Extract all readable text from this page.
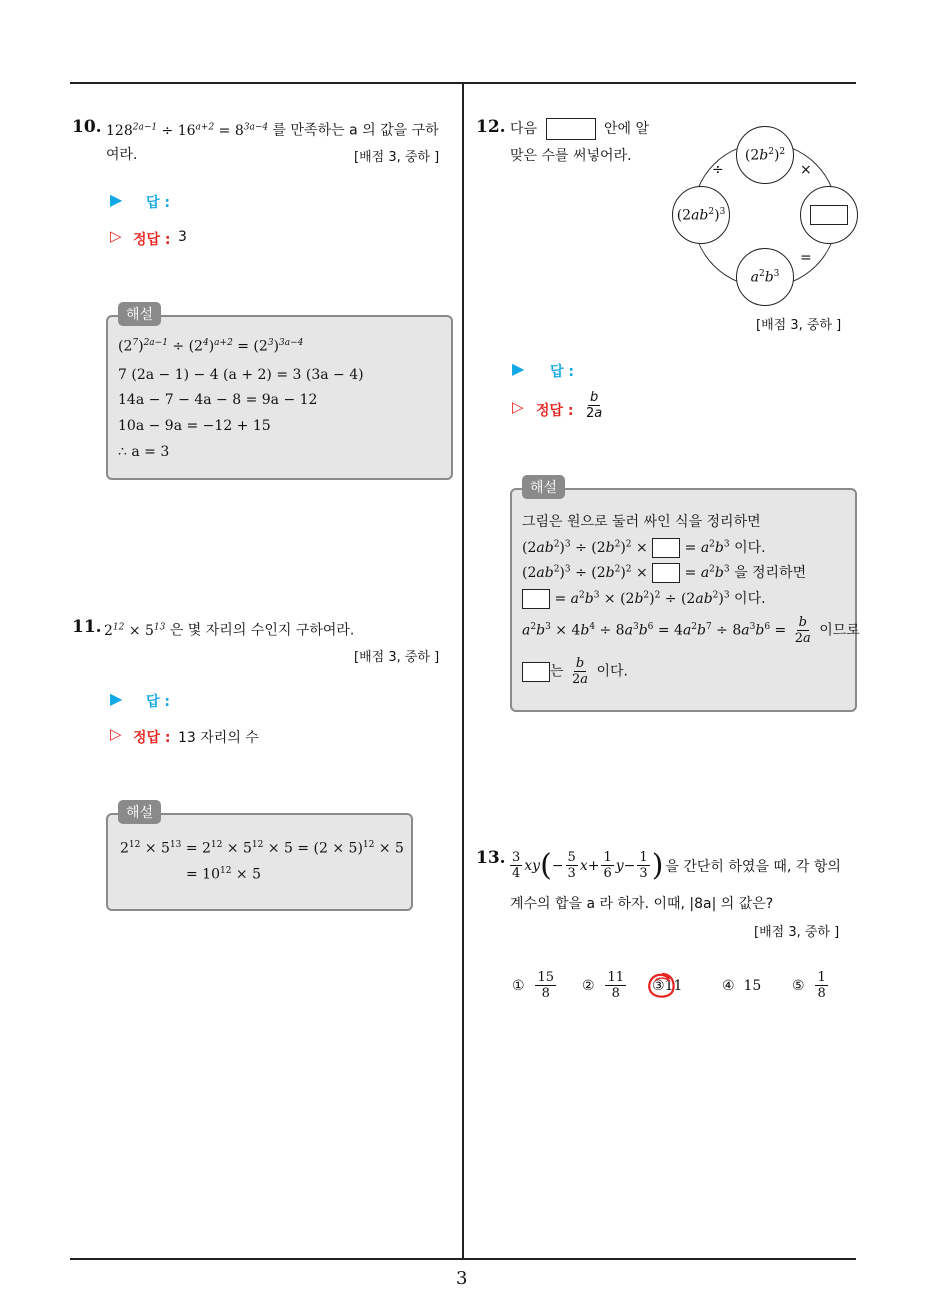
3
10. $128^{2a-1} \div 16^{a+2} = 8^{3a-4}$ 를 만족하는 a 의 값을 구하
여라.	[배점 3, 중하 ]
▶ 답 :
▷ 정답 : 3
해설
$(2^7)^{2a-1} \div (2^4)^{a+2} = (2^3)^{3a-4}$
7 (2a − 1) − 4 (a + 2) = 3 (3a − 4)
14a − 7 − 4a − 8 = 9a − 12
10a − 9a = −12 + 15
∴ a = 3
11. $2^{12} \times 5^{13}$ 은 몇 자리의 수인지 구하여라.
[배점 3, 중하 ]
▶ 답 :
▷ 정답 : 13 자리의 수
해설
$2^{12} \times 5^{13} = 2^{12} \times 5^{12} \times 5 = (2 \times 5)^{12} \times 5$
= $10^{12} \times 5$
12. 다음	안에 알
맞은 수를 써넣어라.	$(2b^2)^2$
$(2ab^2)^3$
$a^2b^3$
÷	×
=
[배점 3, 중하 ]
▶ 답 :
▷ 정답 : $\frac{b}{2a}$
해설
그림은 원으로 둘러 싸인 식을 정리하면
$(2ab^2)^3 \div (2b^2)^2$ ×  = $a^2b^3$ 이다.
$(2ab^2)^3 \div (2b^2)^2$ ×  = $a^2b^3$ 을 정리하면
= $a^2b^3 \times (2b^2)^2 \div (2ab^2)^3$ 이다.
$a^2b^3 \times 4b^4 \div 8a^3b^6 = 4a^2b^7 \div 8a^3b^6 = \frac{b}{2a}$ 이므로
는 $\frac{b}{2a}$ 이다.
13. $\frac{3}{4}$ xy ( − $\frac{5}{3}$ $x + \frac{1}{6}$ $y - \frac{1}{3}$ ) 을 간단히 하였을 때, 각 항의
계수의 합을 a 라 하자. 이때, |8a| 의 값은?
[배점 3, 중하 ]
①
$\frac{15}{8}$ ②
$\frac{11}{8}$ ③ 11	④
15 ⑤
$\frac{1}{8}$
